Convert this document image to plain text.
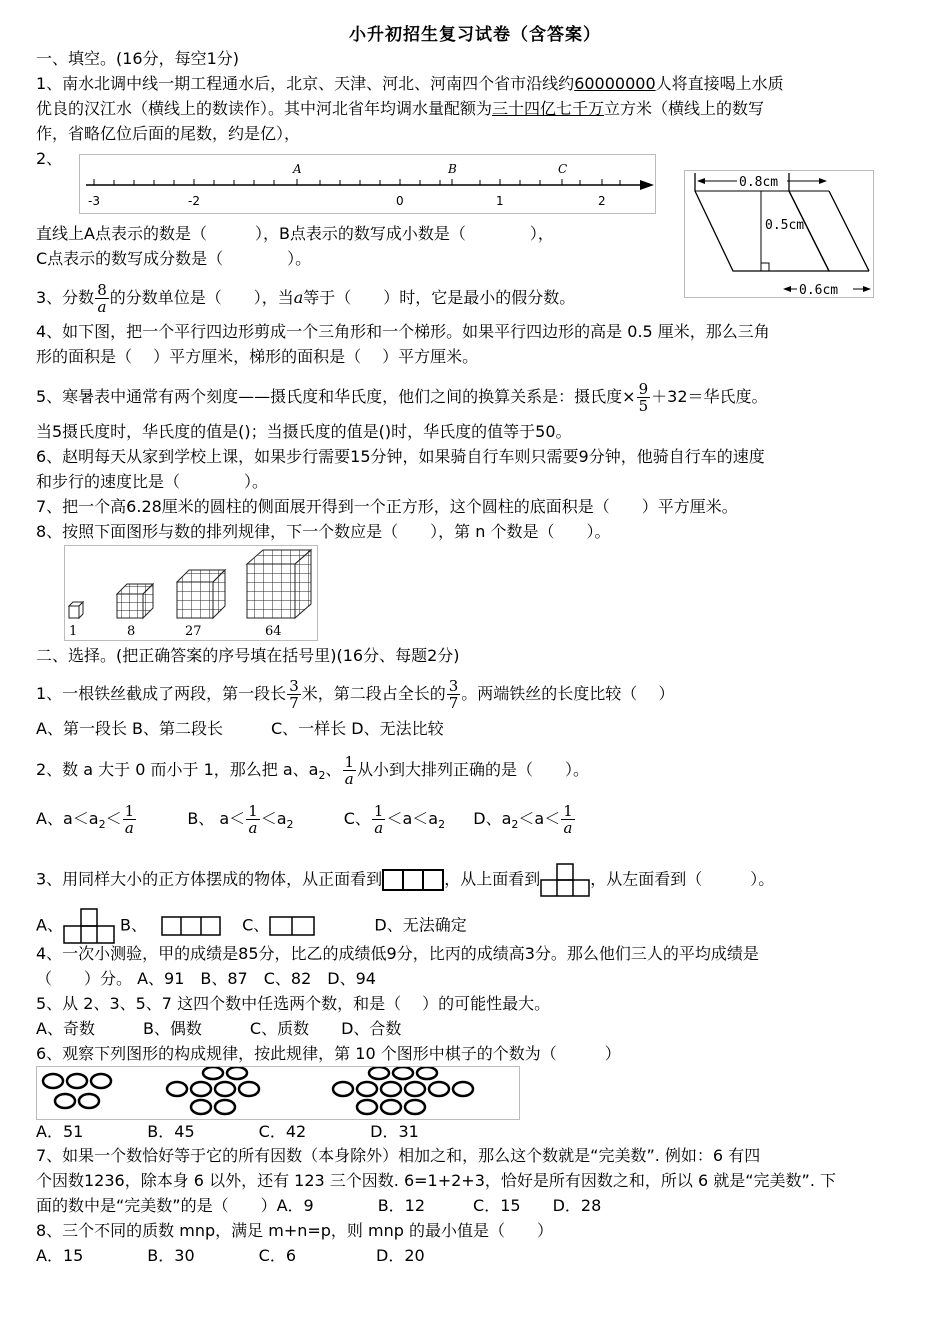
小升初招生复习试卷（含答案）
一、填空。(16分，每空1分)
1、南水北调中线一期工程通水后，北京、天津、河北、河南四个省市沿线约60000000人将直接喝上水质
优良的汉江水（横线上的数读作）。其中河北省年均调水量配额为三十四亿七千万立方米（横线上的数写
作，省略亿位后面的尾数，约是亿），
2、
A	B	C
-3	-2	0	1	2
0.8cm
0.5cm
0.6cm
直线上A点表示的数是（　　　），B点表示的数写成小数是（　　　　），
C点表示的数写成分数是（　　　　）。
3、分数 $\frac{8}{a}$ 的分数单位是（　　），当a等于（　　）时，它是最小的假分数。
4、如下图，把一个平行四边形剪成一个三角形和一个梯形。如果平行四边形的高是 0.5 厘米，那么三角
形的面积是（　 ）平方厘米，梯形的面积是（　 ）平方厘米。
5、寒暑表中通常有两个刻度——摄氏度和华氏度，他们之间的换算关系是：摄氏度× $\frac{9}{5} +32=$华氏度。
当5摄氏度时，华氏度的值是()；当摄氏度的值是()时，华氏度的值等于50。
6、赵明每天从家到学校上课，如果步行需要15分钟，如果骑自行车则只需要9分钟，他骑自行车的速度
和步行的速度比是（　　　　）。
7、把一个高6.28厘米的圆柱的侧面展开得到一个正方形，这个圆柱的底面积是（　　）平方厘米。
8、按照下面图形与数的排列规律，下一个数应是（　　），第 n 个数是（　　）。
1	8	27	64
二、选择。(把正确答案的序号填在括号里)(16分、每题2分)
1、一根铁丝截成了两段，第一段长 $\frac{3}{7}$ 米，第二段占全长的 $\frac{3}{7}$ 。两端铁丝的长度比较（　 ）
A、第一段长 B、第二段长　　　C、一样长 D、无法比较
2、数 a 大于 0 而小于 1，那么把 a、$a_2$、 $\frac{1}{a}$ 从小到大排列正确的是（　　）。
A、$a<a_2< \frac{1}{a}$	B、 $a< \frac{1}{a} <a_2$	C、 $\frac{1}{a} <a<a_2$ D、$a_2<a< \frac{1}{a}$
3、用同样大小的正方体摆成的物体，从正面看到	，从上面看到	，从左面看到（　　　）。
A、	B、	C、	D、无法确定
4、一次小测验，甲的成绩是85分，比乙的成绩低9分，比丙的成绩高3分。那么他们三人的平均成绩是
（　　）分。 A、91　B、87　C、82　D、94
5、从 2、3、5、7 这四个数中任选两个数，和是（　 ）的可能性最大。
A、奇数　　　B、偶数　　　C、质数　　D、合数
6、观察下列图形的构成规律，按此规律，第 10 个图形中棋子的个数为（　　　）
A．51　　　　B．45　　　　C．42　　　　D．31
7、如果一个数恰好等于它的所有因数（本身除外）相加之和，那么这个数就是“完美数”. 例如：6 有四
个因数1236，除本身 6 以外，还有 123 三个因数. 6=1+2+3，恰好是所有因数之和，所以 6 就是“完美数”. 下
面的数中是“完美数”的是（　　）A．9　　　　B．12　　　C．15　　D．28
8、三个不同的质数 mnp，满足 m+n=p，则 mnp 的最小值是（　　）
A．15　　　　B．30　　　　C．6　　　　　D．20
